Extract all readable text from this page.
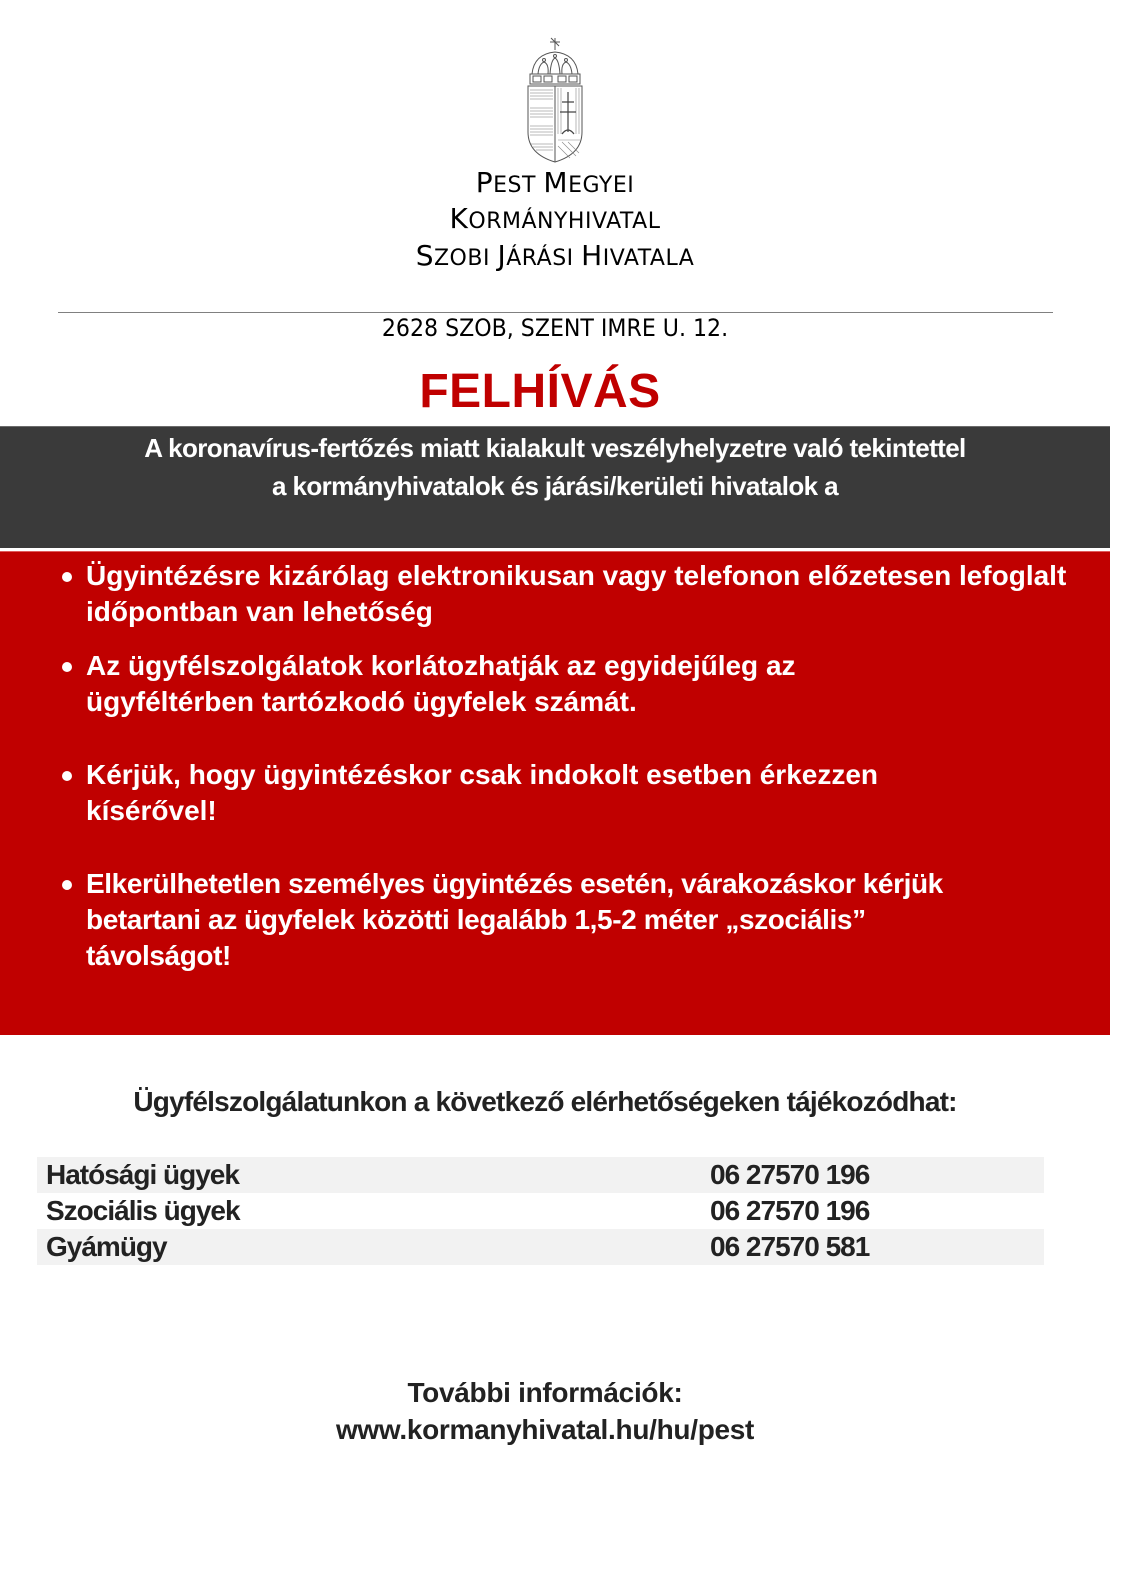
PEST MEGYEI
KORMÁNYHIVATAL
SZOBI JÁRÁSI HIVATALA
2628 SZOB, SZENT IMRE U. 12.
FELHÍVÁS

A koronavírus-fertőzés miatt kialakult veszélyhelyzetre való tekintettel

a kormányhivatalok és járási/kerületi hivatalok a

Ügyintézésre kizárólag elektronikusan vagy telefonon előzetesen lefoglalt időpontban van lehetőség
Az ügyfélszolgálatok korlátozhatják az egyidejűleg az ügyféltérben tartózkodó ügyfelek számát.
Kérjük, hogy ügyintézéskor csak indokolt esetben érkezzen kísérővel!
Elkerülhetetlen személyes ügyintézés esetén, várakozáskor kérjük betartani az ügyfelek közötti legalább 1,5-2 méter „szociális” távolságot!
Ügyfélszolgálatunkon a következő elérhetőségeken tájékozódhat:
Hatósági ügyek	06 27570 196
Szociális ügyek	06 27570 196
Gyámügy	06 27570 581
További információk:
www.kormanyhivatal.hu/hu/pest
